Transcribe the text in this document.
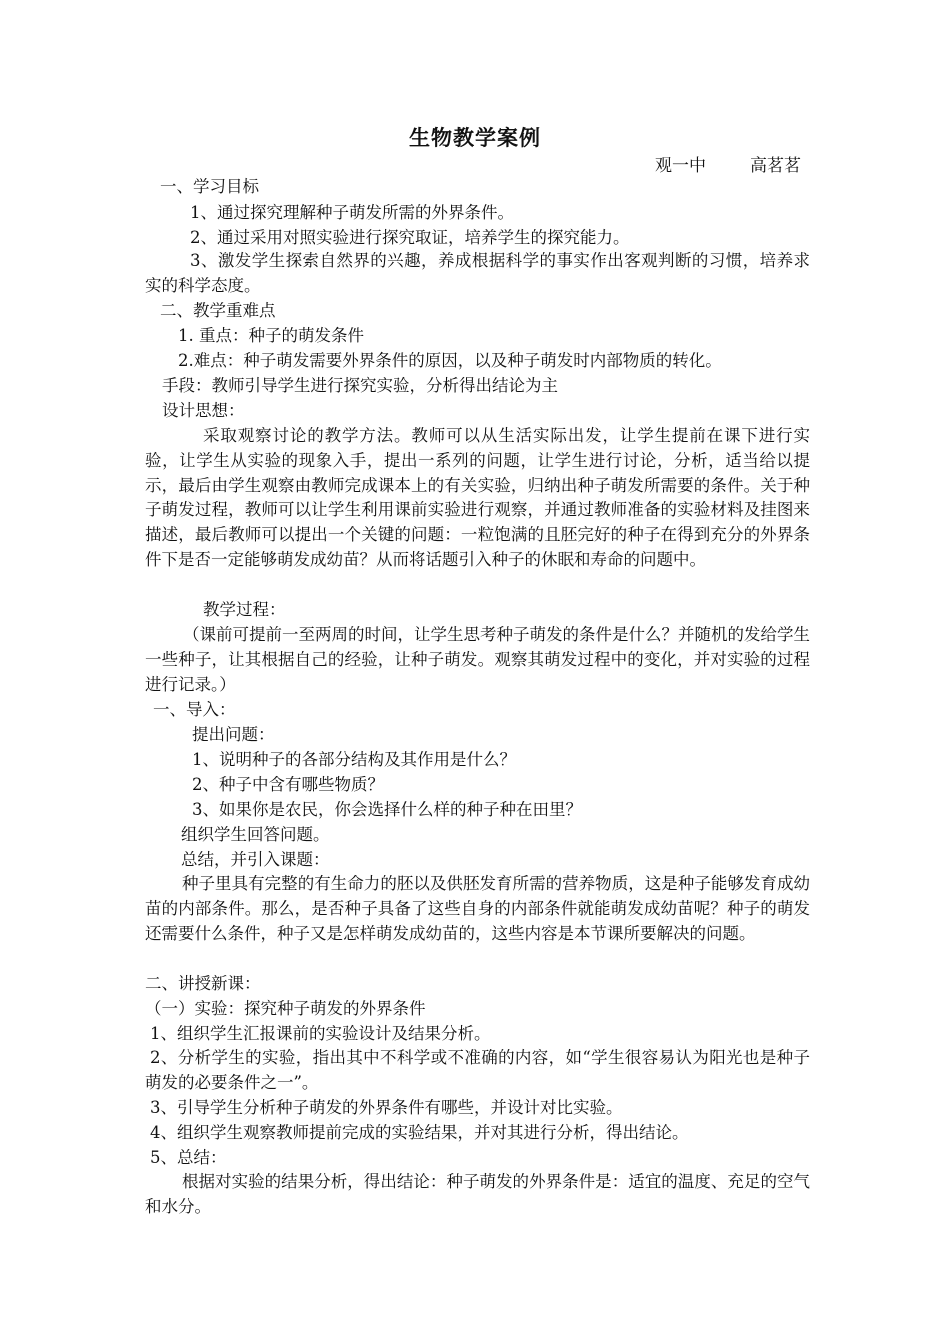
生物教学案例
观一中	高茗茗
一、学习目标
1、通过探究理解种子萌发所需的外界条件。
2、通过采用对照实验进行探究取证，培养学生的探究能力。
3、激发学生探索自然界的兴趣，养成根据科学的事实作出客观判断的习惯，培养求实的科学态度。
二、教学重难点
1. 重点：种子的萌发条件
2.难点：种子萌发需要外界条件的原因，以及种子萌发时内部物质的转化。
手段：教师引导学生进行探究实验，分析得出结论为主
设计思想：
采取观察讨论的教学方法。教师可以从生活实际出发，让学生提前在课下进行实验，让学生从实验的现象入手，提出一系列的问题，让学生进行讨论，分析，适当给以提示，最后由学生观察由教师完成课本上的有关实验，归纳出种子萌发所需要的条件。关于种子萌发过程，教师可以让学生利用课前实验进行观察，并通过教师准备的实验材料及挂图来描述，最后教师可以提出一个关键的问题：一粒饱满的且胚完好的种子在得到充分的外界条件下是否一定能够萌发成幼苗？从而将话题引入种子的休眠和寿命的问题中。
教学过程：
（课前可提前一至两周的时间，让学生思考种子萌发的条件是什么？并随机的发给学生一些种子，让其根据自己的经验，让种子萌发。观察其萌发过程中的变化，并对实验的过程进行记录。）
一、导入：
提出问题：
1、说明种子的各部分结构及其作用是什么？
2、种子中含有哪些物质？
3、如果你是农民，你会选择什么样的种子种在田里？
组织学生回答问题。
总结，并引入课题：
种子里具有完整的有生命力的胚以及供胚发育所需的营养物质，这是种子能够发育成幼苗的内部条件。那么，是否种子具备了这些自身的内部条件就能萌发成幼苗呢？种子的萌发还需要什么条件，种子又是怎样萌发成幼苗的，这些内容是本节课所要解决的问题。
二、讲授新课：
（一）实验：探究种子萌发的外界条件
1、组织学生汇报课前的实验设计及结果分析。
2、分析学生的实验，指出其中不科学或不准确的内容，如“学生很容易认为阳光也是种子萌发的必要条件之一”。
3、引导学生分析种子萌发的外界条件有哪些，并设计对比实验。
4、组织学生观察教师提前完成的实验结果，并对其进行分析，得出结论。
5、总结：
根据对实验的结果分析，得出结论：种子萌发的外界条件是：适宜的温度、充足的空气和水分。
